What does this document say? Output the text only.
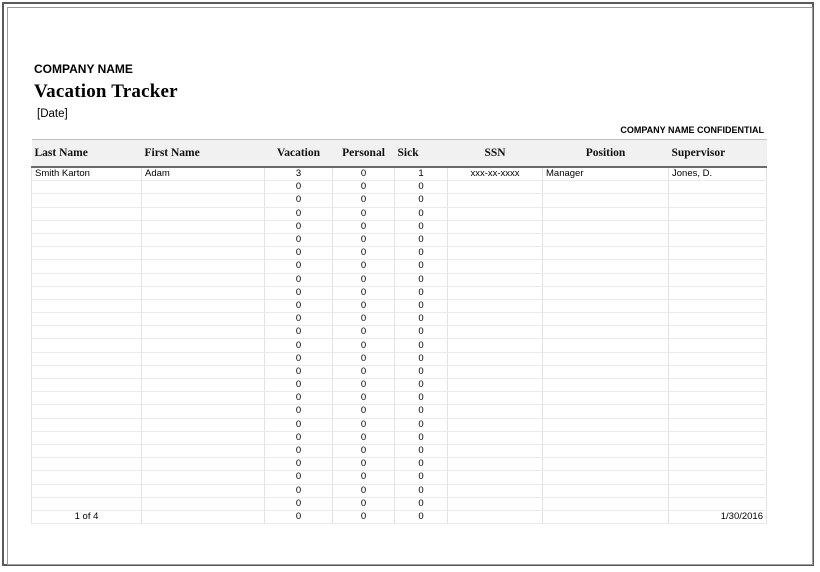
COMPANY NAME
Vacation Tracker
[Date]
COMPANY NAME CONFIDENTIAL
Last Name	First Name	Vacation	Personal	Sick	SSN	Position	Supervisor
Smith Karton	Adam	3	0	1	xxx-xx-xxxx	Manager	Jones, D.
		0	0	0			
		0	0	0			
		0	0	0			
		0	0	0			
		0	0	0			
		0	0	0			
		0	0	0			
		0	0	0			
		0	0	0			
		0	0	0			
		0	0	0			
		0	0	0			
		0	0	0			
		0	0	0			
		0	0	0			
		0	0	0			
		0	0	0			
		0	0	0			
		0	0	0			
		0	0	0			
		0	0	0			
		0	0	0			
		0	0	0			
		0	0	0			
		0	0	0			
1 of 4		0	0	0			1/30/2016
